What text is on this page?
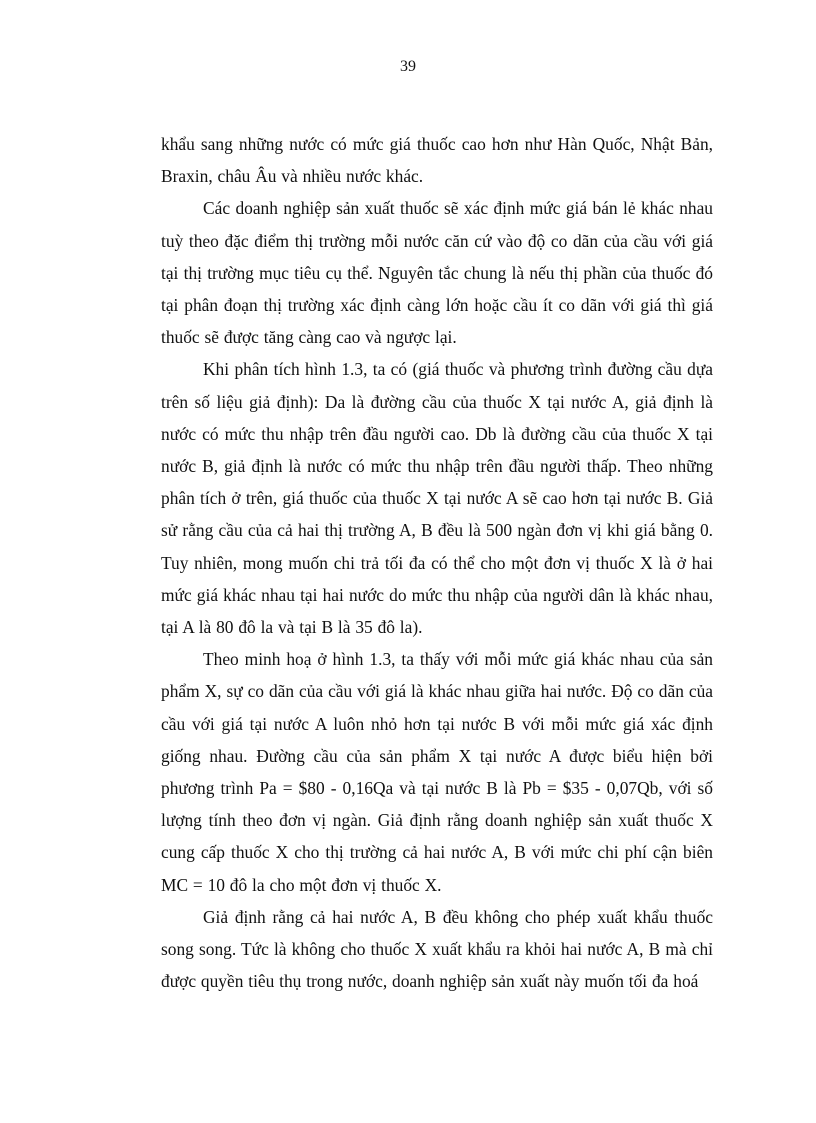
39

khẩu sang những nước có mức giá thuốc cao hơn như Hàn Quốc, Nhật Bản, Braxin, châu Âu và nhiều nước khác.

Các doanh nghiệp sản xuất thuốc sẽ xác định mức giá bán lẻ khác nhau tuỳ theo đặc điểm thị trường mỗi nước căn cứ vào độ co dãn của cầu với giá tại thị trường mục tiêu cụ thể. Nguyên tắc chung là nếu thị phần của thuốc đó tại phân đoạn thị trường xác định càng lớn hoặc cầu ít co dãn với giá thì giá thuốc sẽ được tăng càng cao và ngược lại.

Khi phân tích hình 1.3, ta có (giá thuốc và phương trình đường cầu dựa trên số liệu giả định): Da là đường cầu của thuốc X tại nước A, giả định là nước có mức thu nhập trên đầu người cao. Db là đường cầu của thuốc X tại nước B, giả định là nước có mức thu nhập trên đầu người thấp. Theo những phân tích ở trên, giá thuốc của thuốc X tại nước A sẽ cao hơn tại nước B. Giả sử rằng cầu của cả hai thị trường A, B đều là 500 ngàn đơn vị khi giá bằng 0. Tuy nhiên, mong muốn chi trả tối đa có thể cho một đơn vị thuốc X là ở hai mức giá khác nhau tại hai nước do mức thu nhập của người dân là khác nhau, tại A là 80 đô la và tại B là 35 đô la).

Theo minh hoạ ở hình 1.3, ta thấy với mỗi mức giá khác nhau của sản phẩm X, sự co dãn của cầu với giá là khác nhau giữa hai nước. Độ co dãn của cầu với giá tại nước A luôn nhỏ hơn tại nước B với mỗi mức giá xác định giống nhau. Đường cầu của sản phẩm X tại nước A được biểu hiện bởi phương trình Pa = $80 - 0,16Qa và tại nước B là Pb = $35 - 0,07Qb, với số lượng tính theo đơn vị ngàn. Giả định rằng doanh nghiệp sản xuất thuốc X cung cấp thuốc X cho thị trường cả hai nước A, B với mức chi phí cận biên MC = 10 đô la cho một đơn vị thuốc X.

Giả định rằng cả hai nước A, B đều không cho phép xuất khẩu thuốc song song. Tức là không cho thuốc X xuất khẩu ra khỏi hai nước A, B mà chỉ được quyền tiêu thụ trong nước, doanh nghiệp sản xuất này muốn tối đa hoá
